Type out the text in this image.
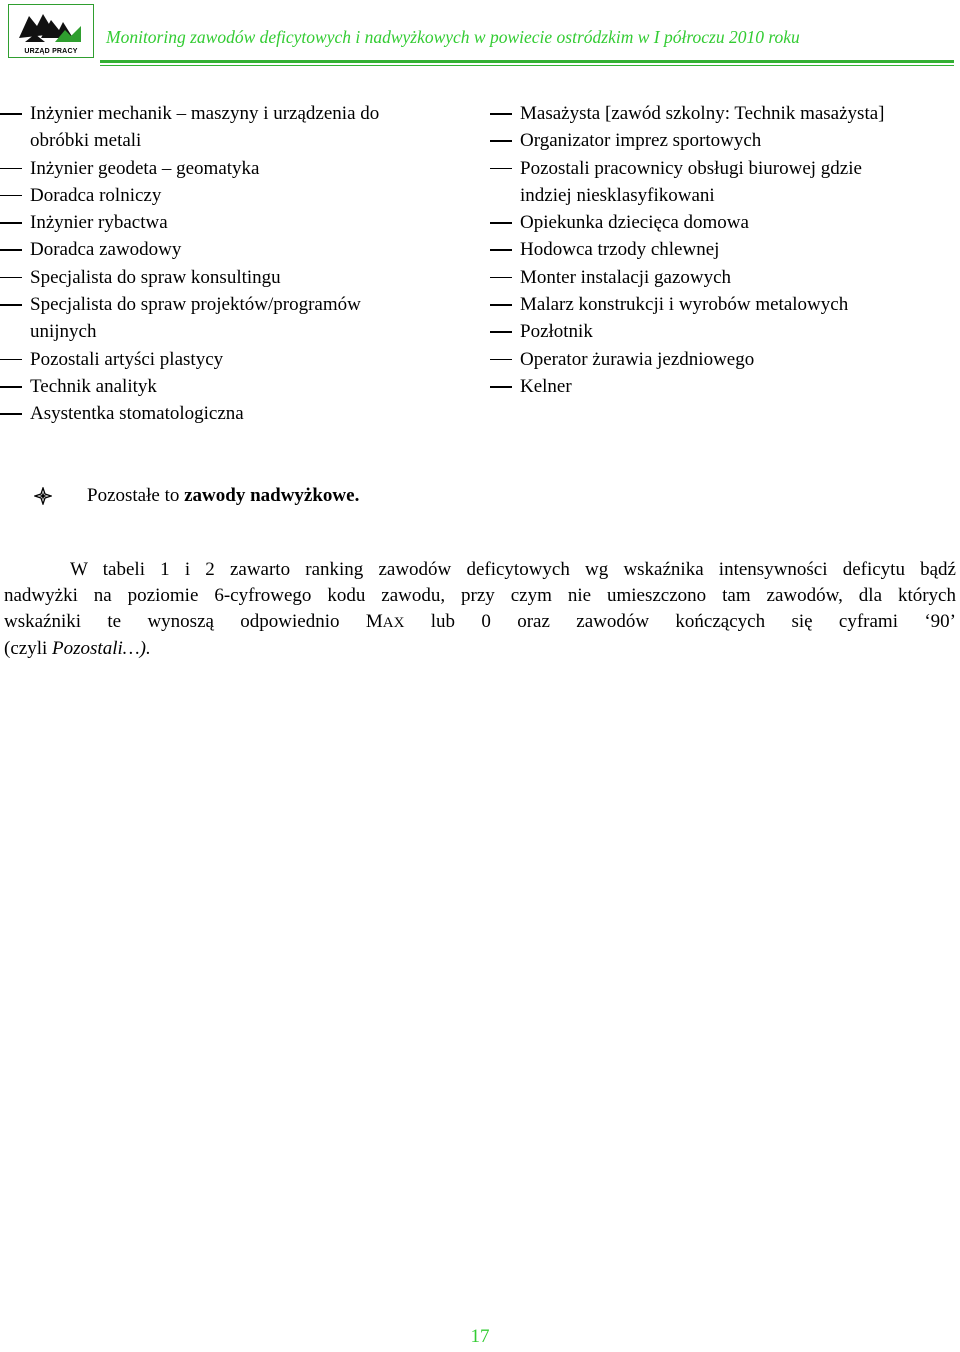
URZĄD PRACY
Monitoring zawodów deficytowych i nadwyżkowych w powiecie ostródzkim w I półroczu 2010 roku
Inżynier mechanik – maszyny i urządzenia do
obróbki metali
Inżynier geodeta – geomatyka
Doradca rolniczy
Inżynier rybactwa
Doradca zawodowy
Specjalista do spraw konsultingu
Specjalista do spraw projektów/programów
unijnych
Pozostali artyści plastycy
Technik analityk
Asystentka stomatologiczna
Masażysta [zawód szkolny: Technik masażysta]
Organizator imprez sportowych
Pozostali pracownicy obsługi biurowej gdzie
indziej niesklasyfikowani
Opiekunka dziecięca domowa
Hodowca trzody chlewnej
Monter instalacji gazowych
Malarz konstrukcji i wyrobów metalowych
Pozłotnik
Operator żurawia jezdniowego
Kelner
Pozostałe to zawody nadwyżkowe.
W tabeli 1 i 2 zawarto ranking zawodów deficytowych wg wskaźnika intensywności deficytu bądź
nadwyżki na poziomie 6-cyfrowego kodu zawodu, przy czym nie umieszczono tam zawodów, dla których
wskaźniki te wynoszą odpowiednio MAX lub 0 oraz zawodów kończących się cyframi ‘90’
(czyli Pozostali…).
17
